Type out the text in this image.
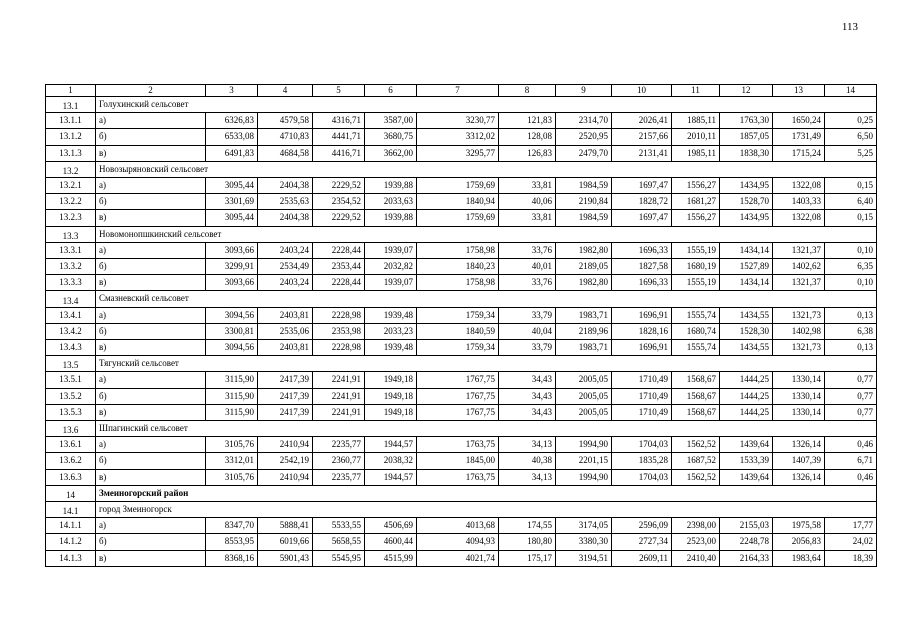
113
1	2	3	4	5	6	7	8	9	10	11	12	13	14
13.1	Голухинский сельсовет												
13.1.1	а)	6326,83	4579,58	4316,71	3587,00	3230,77	121,83	2314,70	2026,41	1885,11	1763,30	1650,24	0,25
13.1.2	б)	6533,08	4710,83	4441,71	3680,75	3312,02	128,08	2520,95	2157,66	2010,11	1857,05	1731,49	6,50
13.1.3	в)	6491,83	4684,58	4416,71	3662,00	3295,77	126,83	2479,70	2131,41	1985,11	1838,30	1715,24	5,25
13.2	Новозыряновский сельсовет												
13.2.1	а)	3095,44	2404,38	2229,52	1939,88	1759,69	33,81	1984,59	1697,47	1556,27	1434,95	1322,08	0,15
13.2.2	б)	3301,69	2535,63	2354,52	2033,63	1840,94	40,06	2190,84	1828,72	1681,27	1528,70	1403,33	6,40
13.2.3	в)	3095,44	2404,38	2229,52	1939,88	1759,69	33,81	1984,59	1697,47	1556,27	1434,95	1322,08	0,15
13.3	Новомонопшкинский сельсовет												
13.3.1	а)	3093,66	2403,24	2228,44	1939,07	1758,98	33,76	1982,80	1696,33	1555,19	1434,14	1321,37	0,10
13.3.2	б)	3299,91	2534,49	2353,44	2032,82	1840,23	40,01	2189,05	1827,58	1680,19	1527,89	1402,62	6,35
13.3.3	в)	3093,66	2403,24	2228,44	1939,07	1758,98	33,76	1982,80	1696,33	1555,19	1434,14	1321,37	0,10
13.4	Смазневский сельсовет												
13.4.1	а)	3094,56	2403,81	2228,98	1939,48	1759,34	33,79	1983,71	1696,91	1555,74	1434,55	1321,73	0,13
13.4.2	б)	3300,81	2535,06	2353,98	2033,23	1840,59	40,04	2189,96	1828,16	1680,74	1528,30	1402,98	6,38
13.4.3	в)	3094,56	2403,81	2228,98	1939,48	1759,34	33,79	1983,71	1696,91	1555,74	1434,55	1321,73	0,13
13.5	Тягунский сельсовет												
13.5.1	а)	3115,90	2417,39	2241,91	1949,18	1767,75	34,43	2005,05	1710,49	1568,67	1444,25	1330,14	0,77
13.5.2	б)	3115,90	2417,39	2241,91	1949,18	1767,75	34,43	2005,05	1710,49	1568,67	1444,25	1330,14	0,77
13.5.3	в)	3115,90	2417,39	2241,91	1949,18	1767,75	34,43	2005,05	1710,49	1568,67	1444,25	1330,14	0,77
13.6	Шпагинский сельсовет												
13.6.1	а)	3105,76	2410,94	2235,77	1944,57	1763,75	34,13	1994,90	1704,03	1562,52	1439,64	1326,14	0,46
13.6.2	б)	3312,01	2542,19	2360,77	2038,32	1845,00	40,38	2201,15	1835,28	1687,52	1533,39	1407,39	6,71
13.6.3	в)	3105,76	2410,94	2235,77	1944,57	1763,75	34,13	1994,90	1704,03	1562,52	1439,64	1326,14	0,46
14	Змеиногорский район												
14.1	город Змеиногорск												
14.1.1	а)	8347,70	5888,41	5533,55	4506,69	4013,68	174,55	3174,05	2596,09	2398,00	2155,03	1975,58	17,77
14.1.2	б)	8553,95	6019,66	5658,55	4600,44	4094,93	180,80	3380,30	2727,34	2523,00	2248,78	2056,83	24,02
14.1.3	в)	8368,16	5901,43	5545,95	4515,99	4021,74	175,17	3194,51	2609,11	2410,40	2164,33	1983,64	18,39
